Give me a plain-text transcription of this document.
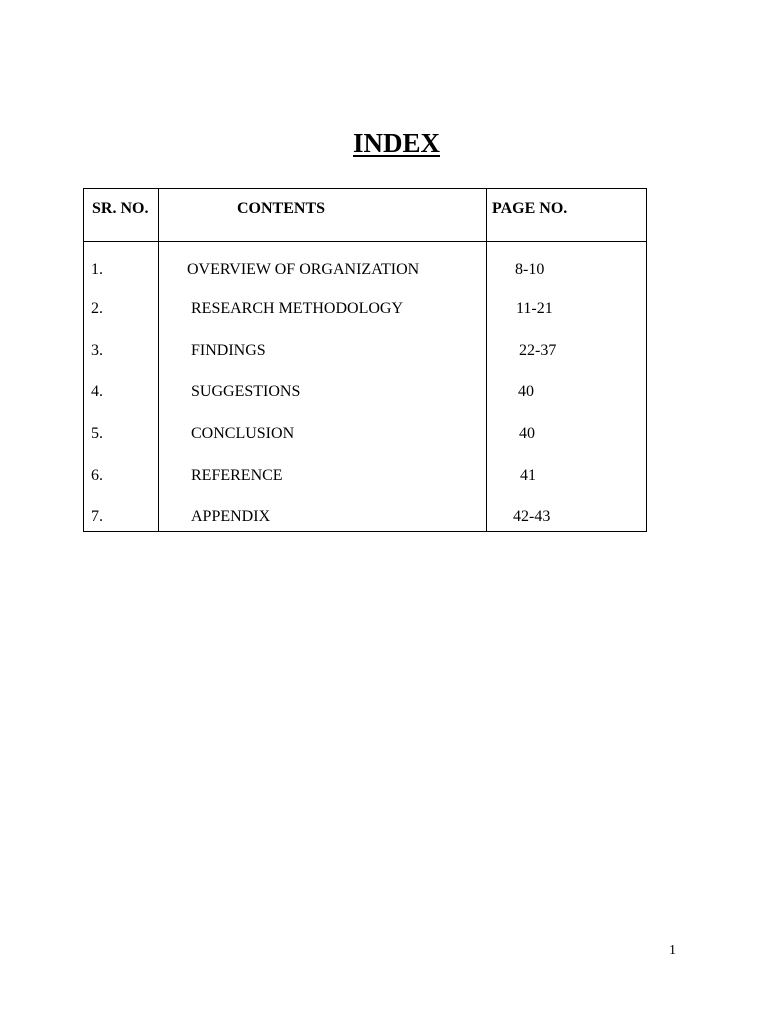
INDEX
SR. NO.	CONTENTS	PAGE NO.
1.	OVERVIEW OF ORGANIZATION	8-10
2.	RESEARCH METHODOLOGY	11-21
3.	FINDINGS	22-37
4.	SUGGESTIONS	40
5.	CONCLUSION	40
6.	REFERENCE	41
7.	APPENDIX	42-43
1
